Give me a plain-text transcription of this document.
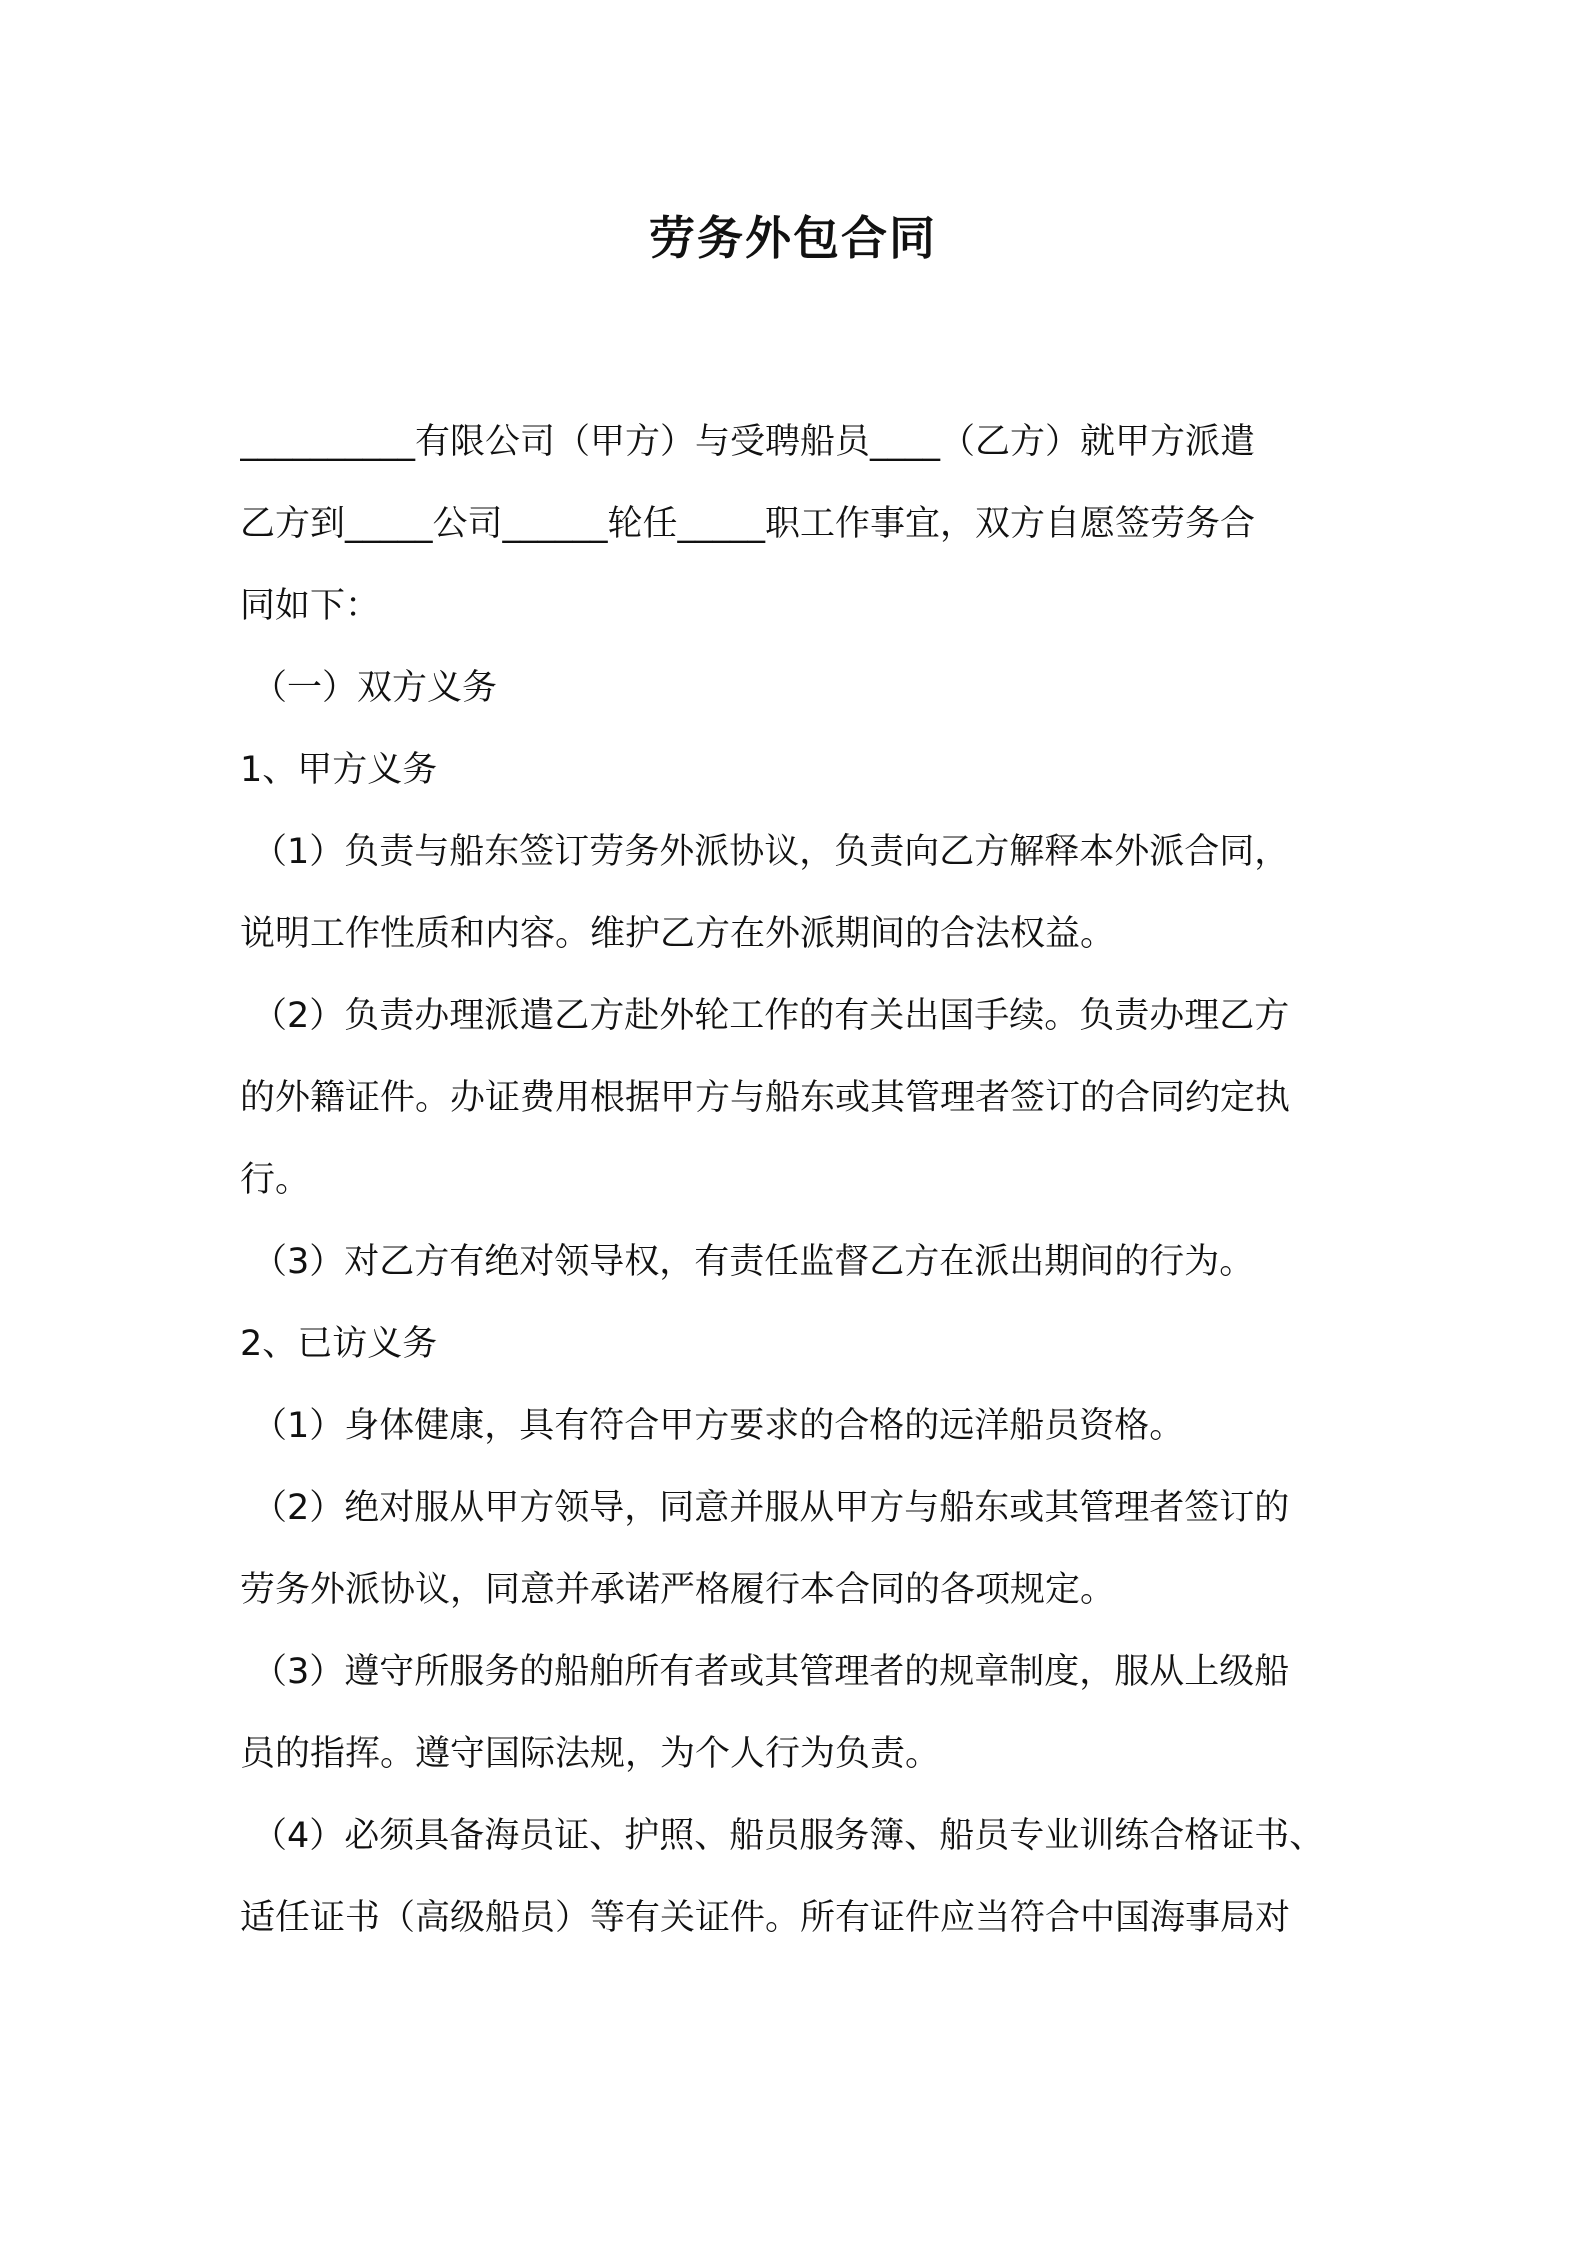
劳务外包合同
__________有限公司（甲方）与受聘船员____（乙方）就甲方派遣
乙方到_____公司______轮任_____职工作事宜，双方自愿签劳务合
同如下：
（一）双方义务
1、甲方义务
（1）负责与船东签订劳务外派协议，负责向乙方解释本外派合同，
说明工作性质和内容。维护乙方在外派期间的合法权益。
（2）负责办理派遣乙方赴外轮工作的有关出国手续。负责办理乙方
的外籍证件。办证费用根据甲方与船东或其管理者签订的合同约定执
行。
（3）对乙方有绝对领导权，有责任监督乙方在派出期间的行为。
2、已访义务
（1）身体健康，具有符合甲方要求的合格的远洋船员资格。
（2）绝对服从甲方领导，同意并服从甲方与船东或其管理者签订的
劳务外派协议，同意并承诺严格履行本合同的各项规定。
（3）遵守所服务的船舶所有者或其管理者的规章制度，服从上级船
员的指挥。遵守国际法规，为个人行为负责。
（4）必须具备海员证、护照、船员服务簿、船员专业训练合格证书、
适任证书（高级船员）等有关证件。所有证件应当符合中国海事局对
